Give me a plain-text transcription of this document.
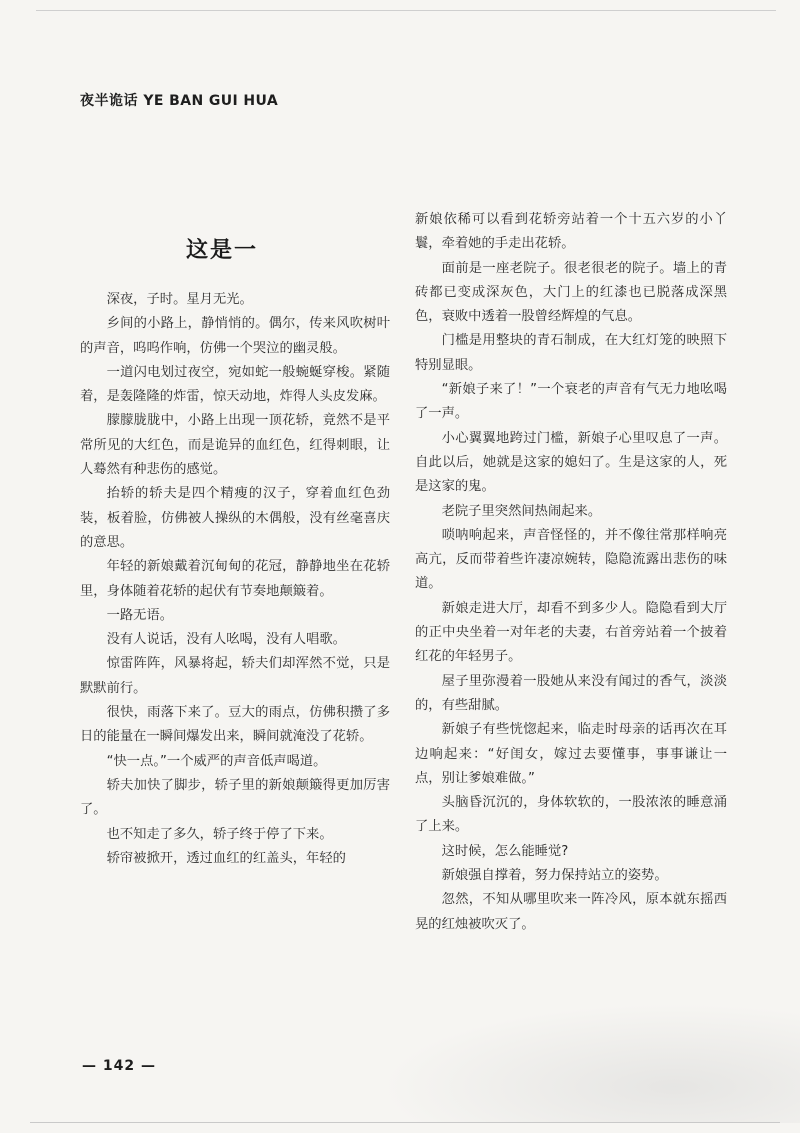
夜半诡话 YE BAN GUI HUA
这是一

深夜，子时。星月无光。

乡间的小路上，静悄悄的。偶尔，传来风吹树叶的声音，呜呜作响，仿佛一个哭泣的幽灵般。

一道闪电划过夜空，宛如蛇一般蜿蜒穿梭。紧随着，是轰隆隆的炸雷，惊天动地，炸得人头皮发麻。

朦朦胧胧中，小路上出现一顶花轿，竟然不是平常所见的大红色，而是诡异的血红色，红得刺眼，让人蓦然有种悲伤的感觉。

抬轿的轿夫是四个精瘦的汉子，穿着血红色劲装，板着脸，仿佛被人操纵的木偶般，没有丝毫喜庆的意思。

年轻的新娘戴着沉甸甸的花冠，静静地坐在花轿里，身体随着花轿的起伏有节奏地颠簸着。

一路无语。

没有人说话，没有人吆喝，没有人唱歌。

惊雷阵阵，风暴将起，轿夫们却浑然不觉，只是默默前行。

很快，雨落下来了。豆大的雨点，仿佛积攒了多日的能量在一瞬间爆发出来，瞬间就淹没了花轿。

“快一点。”一个威严的声音低声喝道。

轿夫加快了脚步，轿子里的新娘颠簸得更加厉害了。

也不知走了多久，轿子终于停了下来。

轿帘被掀开，透过血红的红盖头，年轻的

新娘依稀可以看到花轿旁站着一个十五六岁的小丫鬟，牵着她的手走出花轿。

面前是一座老院子。很老很老的院子。墙上的青砖都已变成深灰色，大门上的红漆也已脱落成深黑色，衰败中透着一股曾经辉煌的气息。

门槛是用整块的青石制成，在大红灯笼的映照下特别显眼。

“新娘子来了！”一个衰老的声音有气无力地吆喝了一声。

小心翼翼地跨过门槛，新娘子心里叹息了一声。自此以后，她就是这家的媳妇了。生是这家的人，死是这家的鬼。

老院子里突然间热闹起来。

唢呐响起来，声音怪怪的，并不像往常那样响亮高亢，反而带着些许凄凉婉转，隐隐流露出悲伤的味道。

新娘走进大厅，却看不到多少人。隐隐看到大厅的正中央坐着一对年老的夫妻，右首旁站着一个披着红花的年轻男子。

屋子里弥漫着一股她从来没有闻过的香气，淡淡的，有些甜腻。

新娘子有些恍惚起来，临走时母亲的话再次在耳边响起来：“好闺女，嫁过去要懂事，事事谦让一点，别让爹娘难做。”

头脑昏沉沉的，身体软软的，一股浓浓的睡意涌了上来。

这时候，怎么能睡觉?

新娘强自撑着，努力保持站立的姿势。

忽然，不知从哪里吹来一阵冷风，原本就东摇西晃的红烛被吹灭了。

— 142 —
